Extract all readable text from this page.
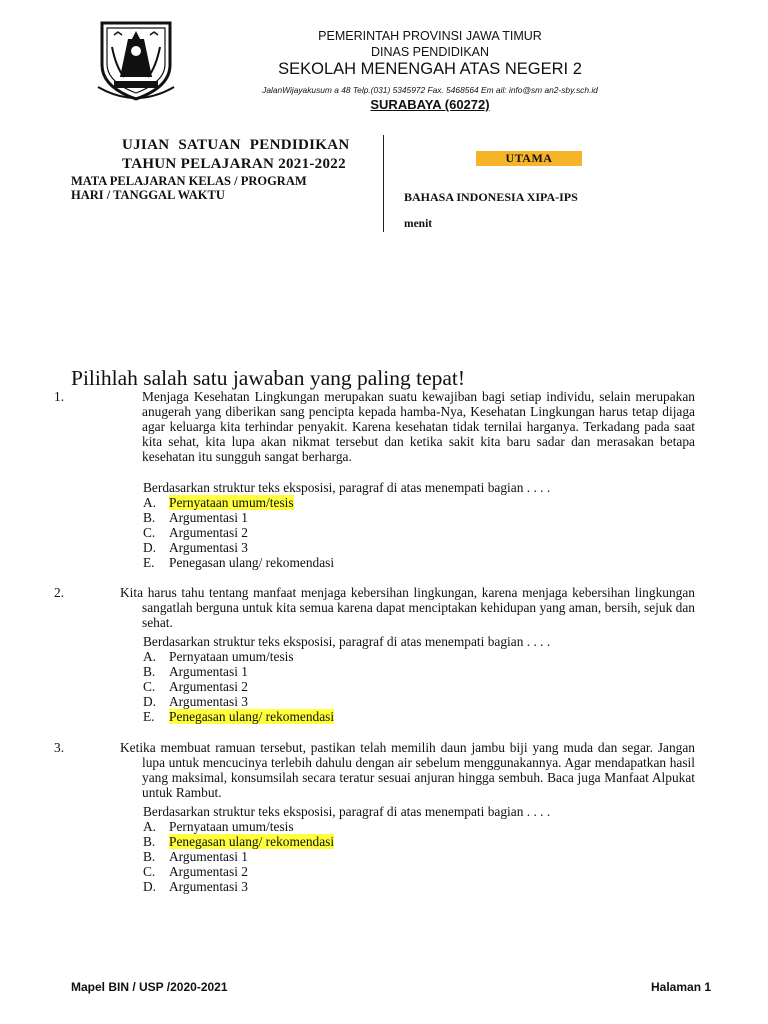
PEMERINTAH PROVINSI JAWA TIMUR
DINAS PENDIDIKAN
SEKOLAH MENENGAH ATAS NEGERI 2
JalanWijayakusum a 48 Telp.(031) 5345972 Fax. 5468564 Em ail: info@sm an2-sby.sch.id
SURABAYA (60272)
UJIAN SATUAN PENDIDIKAN
TAHUN PELAJARAN 2021-2022
MATA PELAJARAN KELAS / PROGRAM
HARI / TANGGAL WAKTU
UTAMA
BAHASA INDONESIA XIPA-IPS
menit
Pilihlah salah satu jawaban yang paling tepat!

1.	Menjaga Kesehatan Lingkungan merupakan suatu kewajiban bagi setiap individu, selain merupakan anugerah yang diberikan sang pencipta kepada hamba-Nya, Kesehatan Lingkungan harus tetap dijaga agar keluarga kita terhindar penyakit. Karena kesehatan tidak ternilai harganya. Terkadang pada saat kita sehat, kita lupa akan nikmat tersebut dan ketika sakit kita baru sadar dan merasakan betapa kesehatan itu sungguh sangat berharga.

Berdasarkan struktur teks eksposisi, paragraf di atas menempati bagian . . . .
A. Pernyataan umum/tesis
B. Argumentasi 1
C. Argumentasi 2
D. Argumentasi 3
E. Penegasan ulang/ rekomendasi

2.	Kita harus tahu tentang manfaat menjaga kebersihan lingkungan, karena menjaga kebersihan lingkungan sangatlah berguna untuk kita semua karena dapat menciptakan kehidupan yang aman, bersih, sejuk dan sehat.

Berdasarkan struktur teks eksposisi, paragraf di atas menempati bagian . . . .
A. Pernyataan umum/tesis
B. Argumentasi 1
C. Argumentasi 2
D. Argumentasi 3
E. Penegasan ulang/ rekomendasi

3.	Ketika membuat ramuan tersebut, pastikan telah memilih daun jambu biji yang muda dan segar. Jangan lupa untuk mencucinya terlebih dahulu dengan air sebelum menggunakannya. Agar mendapatkan hasil yang maksimal, konsumsilah secara teratur sesuai anjuran hingga sembuh. Baca juga Manfaat Alpukat untuk Rambut.

Berdasarkan struktur teks eksposisi, paragraf di atas menempati bagian . . . .
A. Pernyataan umum/tesis
B. Penegasan ulang/ rekomendasi
B. Argumentasi 1
C. Argumentasi 2
D. Argumentasi 3
Mapel BIN / USP /2020-2021	Halaman 1
